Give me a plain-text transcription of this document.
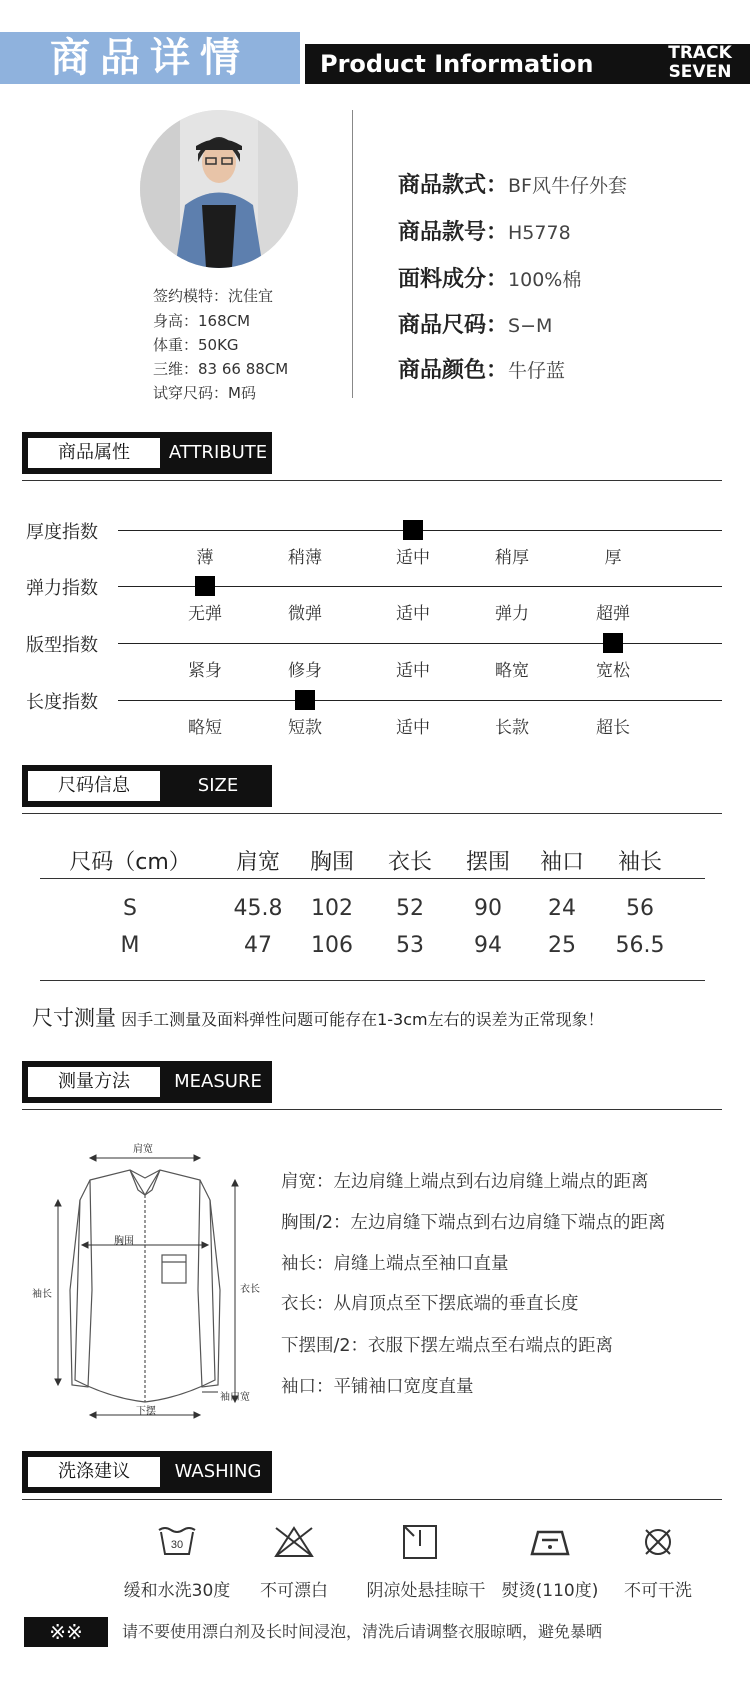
商品详情	Product Information	TRACK
SEVEN
签约模特：沈佳宜
身高：168CM
体重：50KG
三维：83 66 88CM
试穿尺码：M码
商品款式：BF风牛仔外套
商品款号：H5778
面料成分：100%棉
商品尺码：S−M
商品颜色：牛仔蓝
商品属性	ATTRIBUTE
厚度指数
薄	稍薄	适中	稍厚	厚
弹力指数
无弹	微弹	适中	弹力	超弹
版型指数
紧身	修身	适中	略宽	宽松
长度指数
略短	短款	适中	长款	超长
尺码信息	SIZE
尺码（cm）	肩宽	胸围	衣长	摆围	袖口	袖长
S	45.8	102	52	90	24	56
M	47	106	53	94	25	56.5
尺寸测量 因手工测量及面料弹性问题可能存在1-3cm左右的误差为正常现象！
测量方法	MEASURE
肩宽
胸围
袖长	衣长
下摆
袖口宽
肩宽：左边肩缝上端点到右边肩缝上端点的距离
胸围/2：左边肩缝下端点到右边肩缝下端点的距离
袖长：肩缝上端点至袖口直量
衣长：从肩顶点至下摆底端的垂直长度
下摆围/2：衣服下摆左端点至右端点的距离
袖口：平铺袖口宽度直量
洗涤建议	WASHING
30
缓和水洗30度	不可漂白	阴凉处悬挂晾干 熨烫(110度)	不可干洗
※※	请不要使用漂白剂及长时间浸泡，清洗后请调整衣服晾晒，避免暴晒
